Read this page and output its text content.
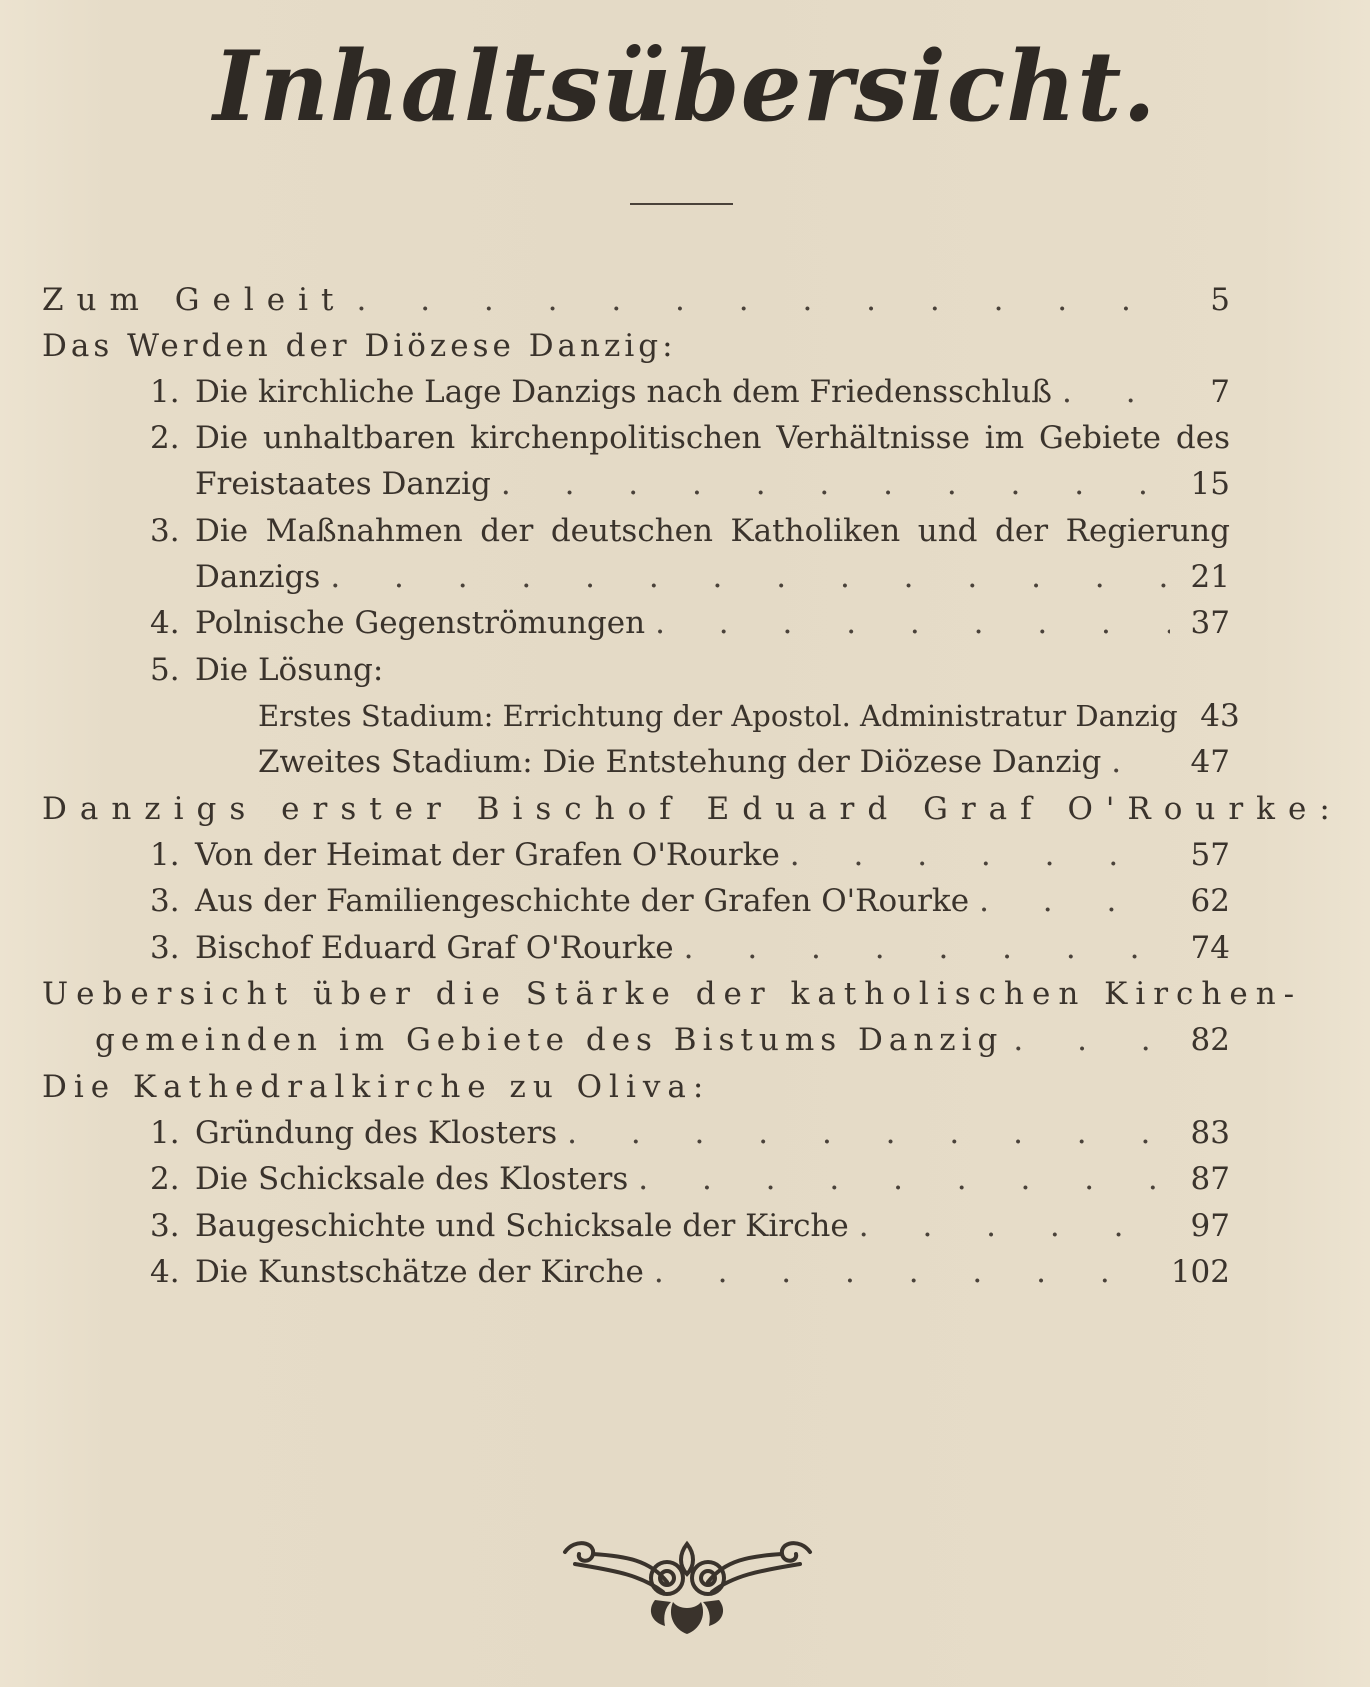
Inhaltsübersicht.
Zum Geleit . . .	5
Das Werden der Diözese Danzig:
1. Die kirchliche Lage Danzigs nach dem Friedensschluß . . .	7
2. Die unhaltbaren kirchenpolitischen Verhältnisse im Gebiete des
Freistaates Danzig . . .	15
3. Die Maßnahmen der deutschen Katholiken und der Regierung
Danzigs . . .	21
4. Polnische Gegenströmungen . . .	37
5. Die Lösung:
Erstes Stadium: Errichtung der Apostol. Administratur Danzig 43
Zweites Stadium: Die Entstehung der Diözese Danzig . . .	47
Danzigs erster Bischof Eduard Graf O'Rourke:
1. Von der Heimat der Grafen O'Rourke . . .	57
3. Aus der Familiengeschichte der Grafen O'Rourke . . .	62
3. Bischof Eduard Graf O'Rourke . . .	74
Uebersicht über die Stärke der katholischen Kirchen-
gemeinden im Gebiete des Bistums Danzig . . .	82
Die Kathedralkirche zu Oliva:
1. Gründung des Klosters . . .	83
2. Die Schicksale des Klosters . . .	87
3. Baugeschichte und Schicksale der Kirche . . .	97
4. Die Kunstschätze der Kirche . . .	102
